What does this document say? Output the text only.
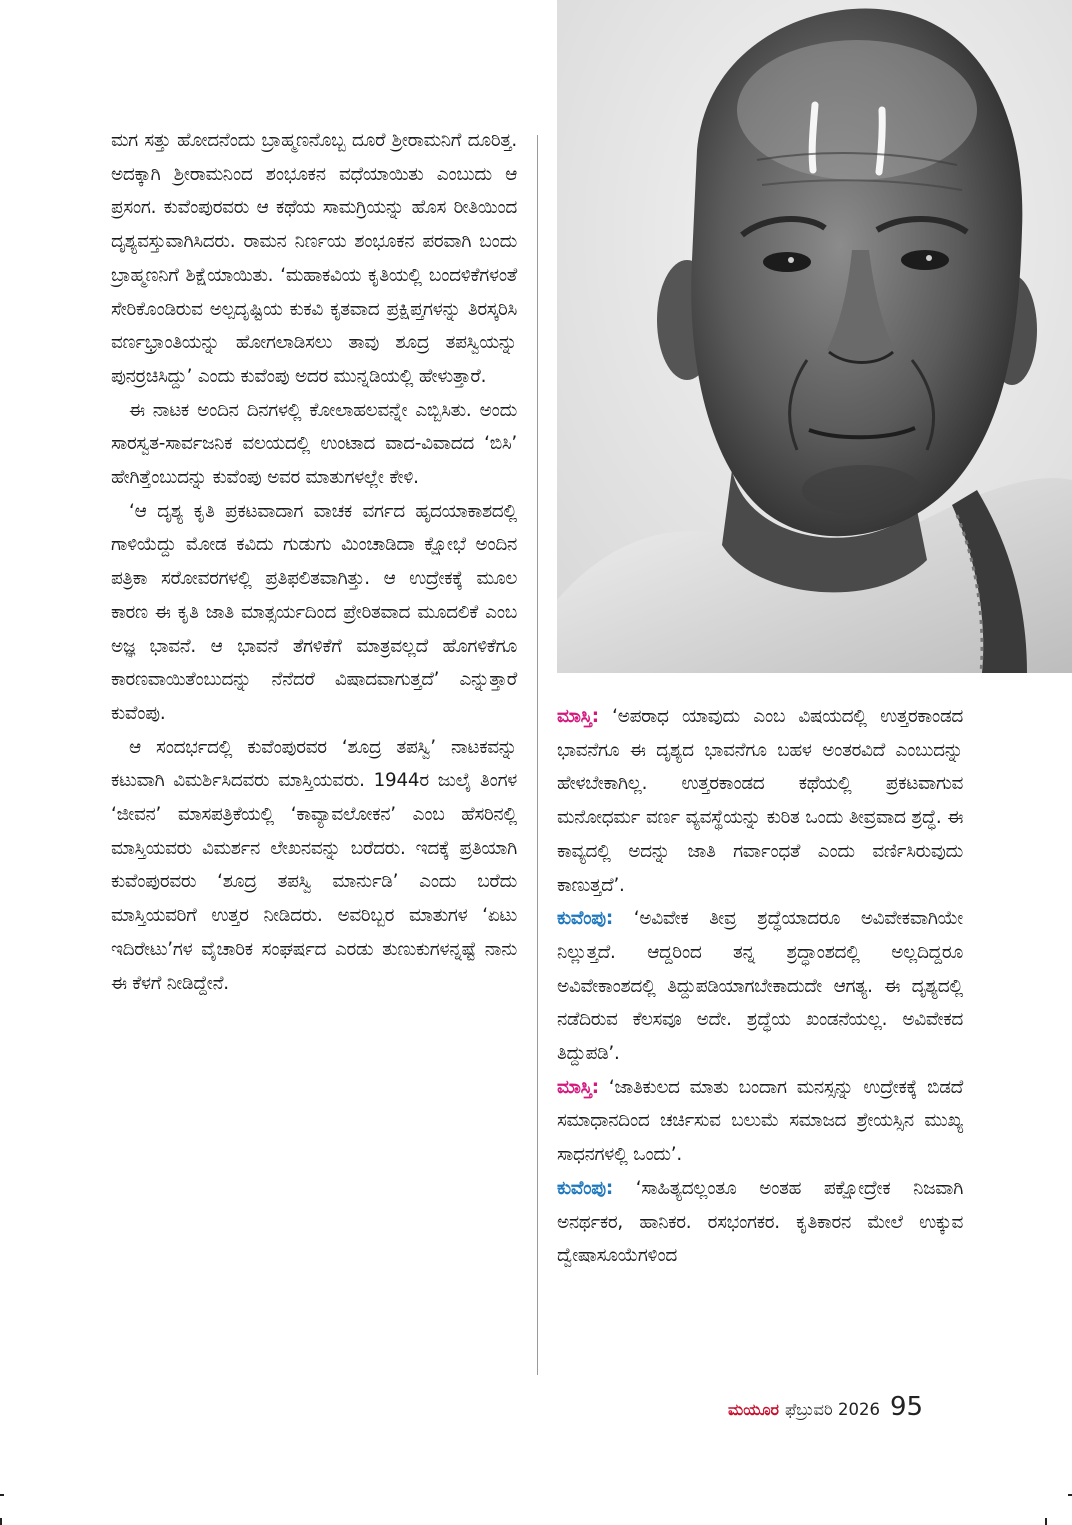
ಮಗ ಸತ್ತು ಹೋದನೆಂದು ಬ್ರಾಹ್ಮಣನೊಬ್ಬ ದೂರೆ ಶ್ರೀರಾಮನಿಗೆ ದೂರಿತ್ತ. ಅದಕ್ಕಾಗಿ ಶ್ರೀರಾಮನಿಂದ ಶಂಭೂಕನ ವಧೆಯಾಯಿತು ಎಂಬುದು ಆ ಪ್ರಸಂಗ. ಕುವೆಂಪುರವರು ಆ ಕಥೆಯ ಸಾಮಗ್ರಿಯನ್ನು ಹೊಸ ರೀತಿಯಿಂದ ದೃಶ್ಯವಸ್ತುವಾಗಿಸಿದರು. ರಾಮನ ನಿರ್ಣಯ ಶಂಭೂಕನ ಪರವಾಗಿ ಬಂದು ಬ್ರಾಹ್ಮಣನಿಗೆ ಶಿಕ್ಷೆಯಾಯಿತು. ‘ಮಹಾಕವಿಯ ಕೃತಿಯಲ್ಲಿ ಬಂದಳಿಕೆಗಳಂತೆ ಸೇರಿಕೊಂಡಿರುವ ಅಲ್ಪದೃಷ್ಟಿಯ ಕುಕವಿ ಕೃತವಾದ ಪ್ರಕ್ಷಿಪ್ತಗಳನ್ನು ತಿರಸ್ಕರಿಸಿ ವರ್ಣಭ್ರಾಂತಿಯನ್ನು ಹೋಗಲಾಡಿಸಲು ತಾವು ಶೂದ್ರ ತಪಸ್ವಿಯನ್ನು ಪುನರ್ರಚಿಸಿದ್ದು’ ಎಂದು ಕುವೆಂಪು ಅದರ ಮುನ್ನಡಿಯಲ್ಲಿ ಹೇಳುತ್ತಾರೆ.

ಈ ನಾಟಕ ಅಂದಿನ ದಿನಗಳಲ್ಲಿ ಕೋಲಾಹಲವನ್ನೇ ಎಬ್ಬಿಸಿತು. ಅಂದು ಸಾರಸ್ವತ-ಸಾರ್ವಜನಿಕ ವಲಯದಲ್ಲಿ ಉಂಟಾದ ವಾದ-ವಿವಾದದ ‘ಬಿಸಿ’ ಹೇಗಿತ್ತೆಂಬುದನ್ನು ಕುವೆಂಪು ಅವರ ಮಾತುಗಳಲ್ಲೇ ಕೇಳಿ.

‘ಆ ದೃಶ್ಯ ಕೃತಿ ಪ್ರಕಟವಾದಾಗ ವಾಚಕ ವರ್ಗದ ಹೃದಯಾಕಾಶದಲ್ಲಿ ಗಾಳಿಯೆದ್ದು ಮೋಡ ಕವಿದು ಗುಡುಗು ಮಿಂಚಾಡಿದಾ ಕ್ಷೋಭೆ ಅಂದಿನ ಪತ್ರಿಕಾ ಸರೋವರಗಳಲ್ಲಿ ಪ್ರತಿಫಲಿತವಾಗಿತ್ತು. ಆ ಉದ್ರೇಕಕ್ಕೆ ಮೂಲ ಕಾರಣ ಈ ಕೃತಿ ಜಾತಿ ಮಾತ್ಸರ್ಯದಿಂದ ಪ್ರೇರಿತವಾದ ಮೂದಲಿಕೆ ಎಂಬ ಅಜ್ಞ ಭಾವನೆ. ಆ ಭಾವನೆ ತೆಗಳಿಕೆಗೆ ಮಾತ್ರವಲ್ಲದೆ ಹೊಗಳಿಕೆಗೂ ಕಾರಣವಾಯಿತೆಂಬುದನ್ನು ನೆನೆದರೆ ವಿಷಾದವಾಗುತ್ತದೆ’ ಎನ್ನುತ್ತಾರೆ ಕುವೆಂಪು.

ಆ ಸಂದರ್ಭದಲ್ಲಿ ಕುವೆಂಪುರವರ ‘ಶೂದ್ರ ತಪಸ್ವಿ’ ನಾಟಕವನ್ನು ಕಟುವಾಗಿ ವಿಮರ್ಶಿಸಿದವರು ಮಾಸ್ತಿಯವರು. 1944ರ ಜುಲೈ ತಿಂಗಳ ‘ಜೀವನ’ ಮಾಸಪತ್ರಿಕೆಯಲ್ಲಿ ‘ಕಾವ್ಯಾವಲೋಕನ’ ಎಂಬ ಹೆಸರಿನಲ್ಲಿ ಮಾಸ್ತಿಯವರು ವಿಮರ್ಶನ ಲೇಖನವನ್ನು ಬರೆದರು. ಇದಕ್ಕೆ ಪ್ರತಿಯಾಗಿ ಕುವೆಂಪುರವರು ‘ಶೂದ್ರ ತಪಸ್ವಿ ಮಾರ್ನುಡಿ’ ಎಂದು ಬರೆದು ಮಾಸ್ತಿಯವರಿಗೆ ಉತ್ತರ ನೀಡಿದರು. ಅವರಿಬ್ಬರ ಮಾತುಗಳ ‘ಏಟು ಇದಿರೇಟು’ಗಳ ವೈಚಾರಿಕ ಸಂಘರ್ಷದ ಎರಡು ತುಣುಕುಗಳನ್ನಷ್ಟೆ ನಾನು ಈ ಕೆಳಗೆ ನೀಡಿದ್ದೇನೆ.

ಮಾಸ್ತಿ: ‘ಅಪರಾಧ ಯಾವುದು ಎಂಬ ವಿಷಯದಲ್ಲಿ ಉತ್ತರಕಾಂಡದ ಭಾವನೆಗೂ ಈ ದೃಶ್ಯದ ಭಾವನೆಗೂ ಬಹಳ ಅಂತರವಿದೆ ಎಂಬುದನ್ನು ಹೇಳಬೇಕಾಗಿಲ್ಲ. ಉತ್ತರಕಾಂಡದ ಕಥೆಯಲ್ಲಿ ಪ್ರಕಟವಾಗುವ ಮನೋಧರ್ಮ ವರ್ಣ ವ್ಯವಸ್ಥೆಯನ್ನು ಕುರಿತ ಒಂದು ತೀವ್ರವಾದ ಶ್ರದ್ಧೆ. ಈ ಕಾವ್ಯದಲ್ಲಿ ಅದನ್ನು ಜಾತಿ ಗರ್ವಾಂಧತೆ ಎಂದು ವರ್ಣಿಸಿರುವುದು ಕಾಣುತ್ತದೆ’.

ಕುವೆಂಪು: ‘ಅವಿವೇಕ ತೀವ್ರ ಶ್ರದ್ಧೆಯಾದರೂ ಅವಿವೇಕವಾಗಿಯೇ ನಿಲ್ಲುತ್ತದೆ. ಆದ್ದರಿಂದ ತನ್ನ ಶ್ರದ್ಧಾಂಶದಲ್ಲಿ ಅಲ್ಲದಿದ್ದರೂ ಅವಿವೇಕಾಂಶದಲ್ಲಿ ತಿದ್ದುಪಡಿಯಾಗಬೇಕಾದುದೇ ಆಗತ್ಯ. ಈ ದೃಶ್ಯದಲ್ಲಿ ನಡೆದಿರುವ ಕೆಲಸವೂ ಅದೇ. ಶ್ರದ್ಧೆಯ ಖಂಡನೆಯಲ್ಲ. ಅವಿವೇಕದ ತಿದ್ದುಪಡಿ’.

ಮಾಸ್ತಿ: ‘ಜಾತಿಕುಲದ ಮಾತು ಬಂದಾಗ ಮನಸ್ಸನ್ನು ಉದ್ರೇಕಕ್ಕೆ ಬಿಡದೆ ಸಮಾಧಾನದಿಂದ ಚರ್ಚಿಸುವ ಬಲುಮೆ ಸಮಾಜದ ಶ್ರೇಯಸ್ಸಿನ ಮುಖ್ಯ ಸಾಧನಗಳಲ್ಲಿ ಒಂದು’.

ಕುವೆಂಪು: ‘ಸಾಹಿತ್ಯದಲ್ಲಂತೂ ಅಂತಹ ಪಕ್ಷೋದ್ರೇಕ ನಿಜವಾಗಿ ಅನರ್ಥಕರ, ಹಾನಿಕರ. ರಸಭಂಗಕರ. ಕೃತಿಕಾರನ ಮೇಲೆ ಉಕ್ಕುವ ದ್ವೇಷಾಸೂಯೆಗಳಿಂದ

ಮಯೂರ ಫೆಬ್ರುವರಿ 2026 95
